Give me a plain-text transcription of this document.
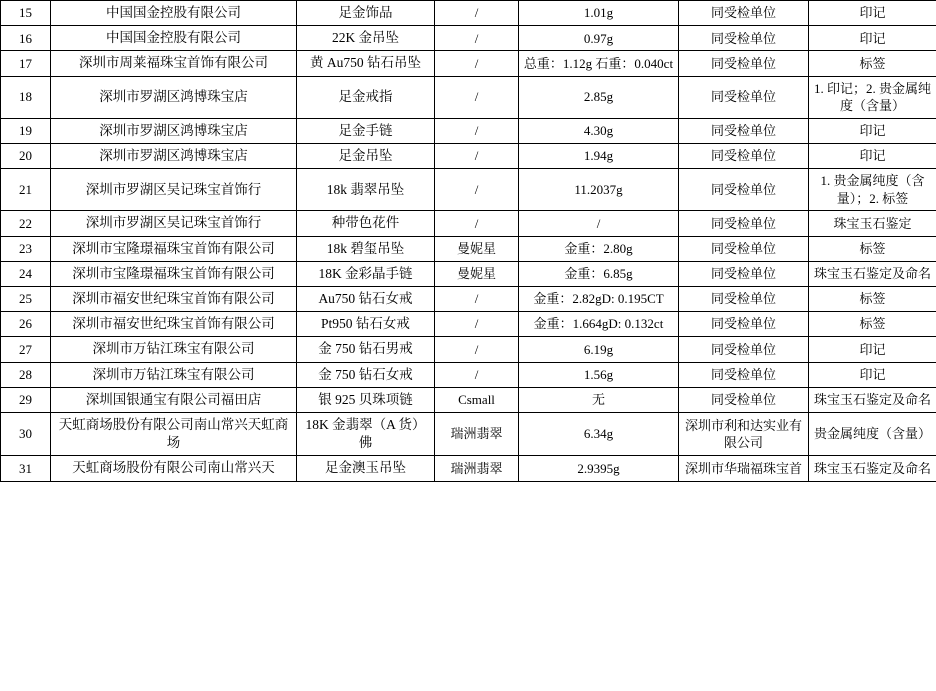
15	中国国金控股有限公司	足金饰品	/	1.01g	同受检单位	印记
16	中国国金控股有限公司	22K 金吊坠	/	0.97g	同受检单位	印记
17	深圳市周莱福珠宝首饰有限公司	黄 Au750 钻石吊坠	/	总重：1.12g 石重：0.040ct	同受检单位	标签
18	深圳市罗湖区鸿博珠宝店	足金戒指	/	2.85g	同受检单位	1. 印记；2. 贵金属纯度（含量）
19	深圳市罗湖区鸿博珠宝店	足金手链	/	4.30g	同受检单位	印记
20	深圳市罗湖区鸿博珠宝店	足金吊坠	/	1.94g	同受检单位	印记
21	深圳市罗湖区吴记珠宝首饰行	18k 翡翠吊坠	/	11.2037g	同受检单位	1. 贵金属纯度（含量）；2. 标签
22	深圳市罗湖区吴记珠宝首饰行	种带色花件	/	/	同受检单位	珠宝玉石鉴定
23	深圳市宝隆璟福珠宝首饰有限公司	18k 碧玺吊坠	曼妮星	金重：2.80g	同受检单位	标签
24	深圳市宝隆璟福珠宝首饰有限公司	18K 金彩晶手链	曼妮星	金重：6.85g	同受检单位	珠宝玉石鉴定及命名
25	深圳市福安世纪珠宝首饰有限公司	Au750 钻石女戒	/	金重：2.82gD: 0.195CT	同受检单位	标签
26	深圳市福安世纪珠宝首饰有限公司	Pt950 钻石女戒	/	金重：1.664gD: 0.132ct	同受检单位	标签
27	深圳市万钻江珠宝有限公司	金 750 钻石男戒	/	6.19g	同受检单位	印记
28	深圳市万钻江珠宝有限公司	金 750 钻石女戒	/	1.56g	同受检单位	印记
29	深圳国银通宝有限公司福田店	银 925 贝珠项链	Csmall	无	同受检单位	珠宝玉石鉴定及命名
30	天虹商场股份有限公司南山常兴天虹商场	18K 金翡翠（A 货）佛	瑞洲翡翠	6.34g	深圳市利和达实业有限公司	贵金属纯度（含量）
31	天虹商场股份有限公司南山常兴天	足金澳玉吊坠	瑞洲翡翠	2.9395g	深圳市华瑞福珠宝首	珠宝玉石鉴定及命名
